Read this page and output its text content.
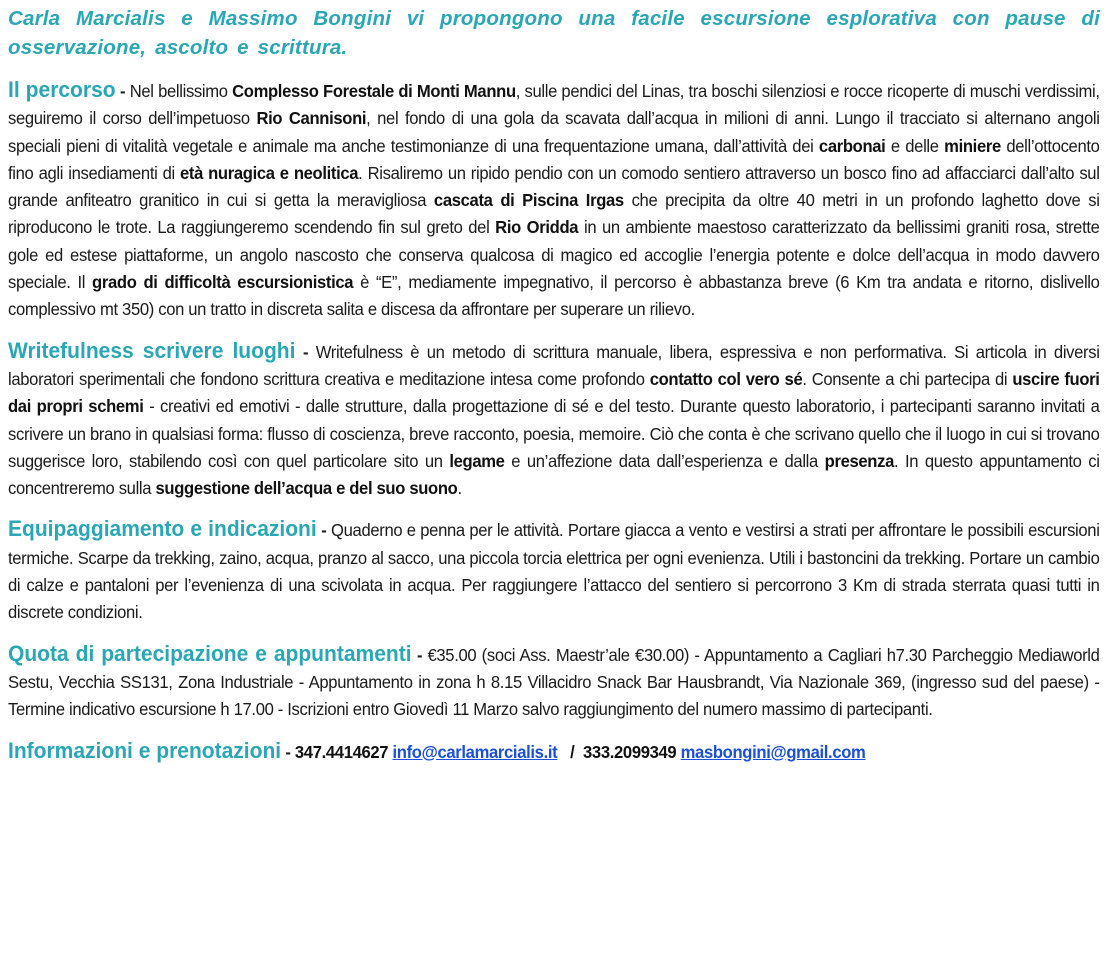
Carla Marcialis e Massimo Bongini vi propongono una facile escursione esplorativa con pause di osservazione, ascolto e scrittura.

Il percorso - Nel bellissimo Complesso Forestale di Monti Mannu, sulle pendici del Linas, tra boschi silenziosi e rocce ricoperte di muschi verdissimi, seguiremo il corso dell’impetuoso Rio Cannisoni, nel fondo di una gola da scavata dall’acqua in milioni di anni. Lungo il tracciato si alternano angoli speciali pieni di vitalità vegetale e animale ma anche testimonianze di una frequentazione umana, dall’attività dei carbonai e delle miniere dell’ottocento fino agli insediamenti di età nuragica e neolitica. Risaliremo un ripido pendio con un comodo sentiero attraverso un bosco fino ad affacciarci dall’alto sul grande anfiteatro granitico in cui si getta la meravigliosa cascata di Piscina Irgas che precipita da oltre 40 metri in un profondo laghetto dove si riproducono le trote. La raggiungeremo scendendo fin sul greto del Rio Oridda in un ambiente maestoso caratterizzato da bellissimi graniti rosa, strette gole ed estese piattaforme, un angolo nascosto che conserva qualcosa di magico ed accoglie l’energia potente e dolce dell’acqua in modo davvero speciale. Il grado di difficoltà escursionistica è “E”, mediamente impegnativo, il percorso è abbastanza breve (6 Km tra andata e ritorno, dislivello complessivo mt 350) con un tratto in discreta salita e discesa da affrontare per superare un rilievo.

Writefulness scrivere luoghi - Writefulness è un metodo di scrittura manuale, libera, espressiva e non performativa. Si articola in diversi laboratori sperimentali che fondono scrittura creativa e meditazione intesa come profondo contatto col vero sé. Consente a chi partecipa di uscire fuori dai propri schemi - creativi ed emotivi - dalle strutture, dalla progettazione di sé e del testo. Durante questo laboratorio, i partecipanti saranno invitati a scrivere un brano in qualsiasi forma: flusso di coscienza, breve racconto, poesia, memoire. Ciò che conta è che scrivano quello che il luogo in cui si trovano suggerisce loro, stabilendo così con quel particolare sito un legame e un’affezione data dall’esperienza e dalla presenza. In questo appuntamento ci concentreremo sulla suggestione dell’acqua e del suo suono.

Equipaggiamento e indicazioni - Quaderno e penna per le attività. Portare giacca a vento e vestirsi a strati per affrontare le possibili escursioni termiche. Scarpe da trekking, zaino, acqua, pranzo al sacco, una piccola torcia elettrica per ogni evenienza. Utili i bastoncini da trekking. Portare un cambio di calze e pantaloni per l’evenienza di una scivolata in acqua. Per raggiungere l’attacco del sentiero si percorrono 3 Km di strada sterrata quasi tutti in discrete condizioni.

Quota di partecipazione e appuntamenti - €35.00 (soci Ass. Maestr’ale €30.00) - Appuntamento a Cagliari h7.30 Parcheggio Mediaworld Sestu, Vecchia SS131, Zona Industriale - Appuntamento in zona h 8.15 Villacidro Snack Bar Hausbrandt, Via Nazionale 369, (ingresso sud del paese) - Termine indicativo escursione h 17.00 - Iscrizioni entro Giovedì 11 Marzo salvo raggiungimento del numero massimo di partecipanti.

Informazioni e prenotazioni - 347.4414627 info@carlamarcialis.it / 333.2099349 masbongini@gmail.com
